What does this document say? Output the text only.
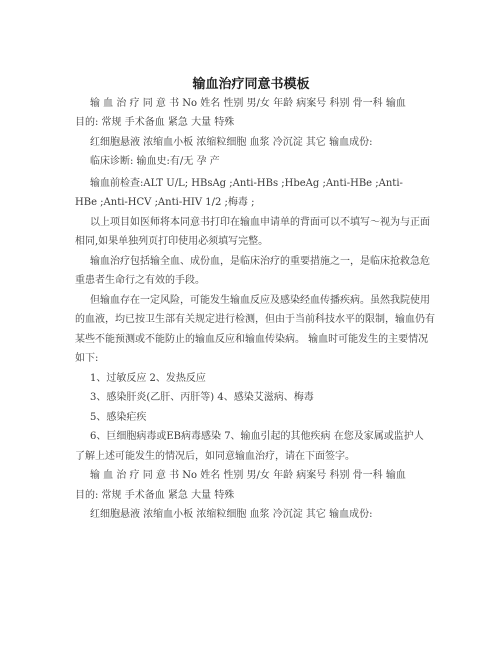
输血治疗同意书模板
输 血 治 疗 同 意 书 No 姓名 性别 男/女 年龄 病案号 科别 骨一科 输血
目的: 常规 手术备血 紧急 大量 特殊
红细胞悬液 浓缩血小板 浓缩粒细胞 血浆 冷沉淀 其它 输血成份:
临床诊断: 输血史:有/无 孕 产
输血前检查:ALT U/L; HBsAg ;Anti-HBs ;HbeAg ;Anti-HBe ;Anti-
HBe ;Anti-HCV ;Anti-HIV 1/2 ;梅毒 ;
以上项目如医师将本同意书打印在输血申请单的背面可以不填写～视为与正面
相同,如果单独列页打印使用必须填写完整。
输血治疗包括输全血、成份血，是临床治疗的重要措施之一，是临床抢救急危
重患者生命行之有效的手段。
但输血存在一定风险，可能发生输血反应及感染经血传播疾病。虽然我院使用
的血液，均已按卫生部有关规定进行检测，但由于当前科技水平的限制，输血仍有
某些不能预测或不能防止的输血反应和输血传染病。 输血时可能发生的主要情况
如下:
1、过敏反应 2、发热反应
3、感染肝炎(乙肝、丙肝等) 4、感染艾滋病、梅毒
5、感染疟疾
6、巨细胞病毒或EB病毒感染 7、输血引起的其他疾病 在您及家属或监护人
了解上述可能发生的情况后，如同意输血治疗，请在下面签字。
输 血 治 疗 同 意 书 No 姓名 性别 男/女 年龄 病案号 科别 骨一科 输血
目的: 常规 手术备血 紧急 大量 特殊
红细胞悬液 浓缩血小板 浓缩粒细胞 血浆 冷沉淀 其它 输血成份:
